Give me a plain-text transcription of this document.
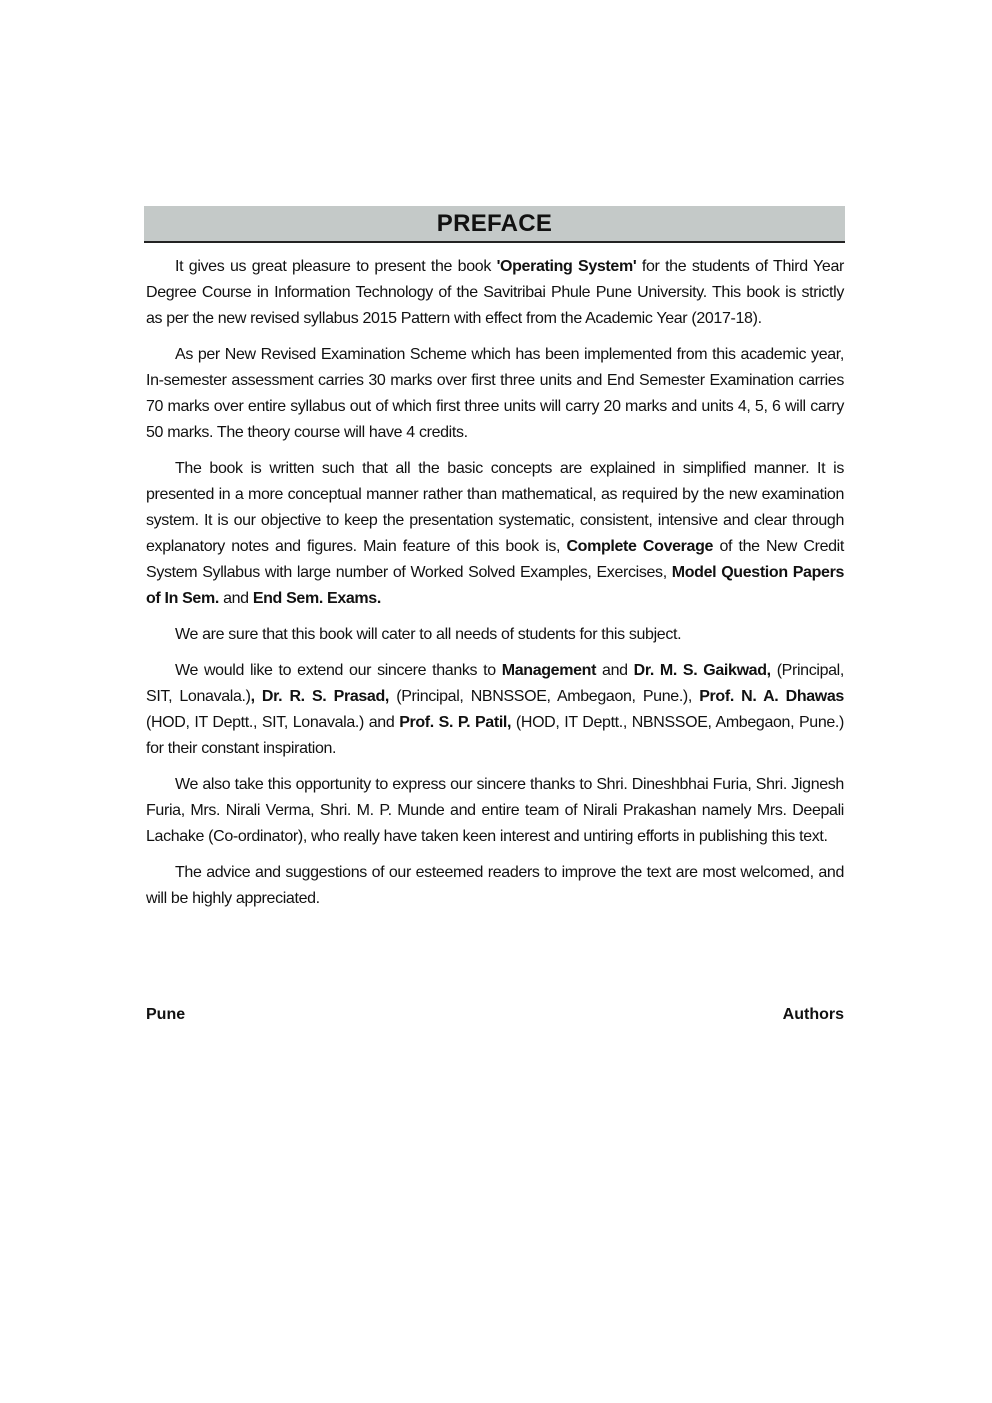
PREFACE

It gives us great pleasure to present the book 'Operating System' for the students of Third Year Degree Course in Information Technology of the Savitribai Phule Pune University. This book is strictly as per the new revised syllabus 2015 Pattern with effect from the Academic Year (2017-18).

As per New Revised Examination Scheme which has been implemented from this academic year, In-semester assessment carries 30 marks over first three units and End Semester Examination carries 70 marks over entire syllabus out of which first three units will carry 20 marks and units 4, 5, 6 will carry 50 marks. The theory course will have 4 credits.

The book is written such that all the basic concepts are explained in simplified manner. It is presented in a more conceptual manner rather than mathematical, as required by the new examination system. It is our objective to keep the presentation systematic, consistent, intensive and clear through explanatory notes and figures. Main feature of this book is, Complete Coverage of the New Credit System Syllabus with large number of Worked Solved Examples, Exercises, Model Question Papers of In Sem. and End Sem. Exams.

We are sure that this book will cater to all needs of students for this subject.

We would like to extend our sincere thanks to Management and Dr. M. S. Gaikwad, (Principal, SIT, Lonavala.), Dr. R. S. Prasad, (Principal, NBNSSOE, Ambegaon, Pune.), Prof. N. A. Dhawas (HOD, IT Deptt., SIT, Lonavala.) and Prof. S. P. Patil, (HOD, IT Deptt., NBNSSOE, Ambegaon, Pune.) for their constant inspiration.

We also take this opportunity to express our sincere thanks to Shri. Dineshbhai Furia, Shri. Jignesh Furia, Mrs. Nirali Verma, Shri. M. P. Munde and entire team of Nirali Prakashan namely Mrs. Deepali Lachake (Co-ordinator), who really have taken keen interest and untiring efforts in publishing this text.

The advice and suggestions of our esteemed readers to improve the text are most welcomed, and will be highly appreciated.

Pune	Authors
